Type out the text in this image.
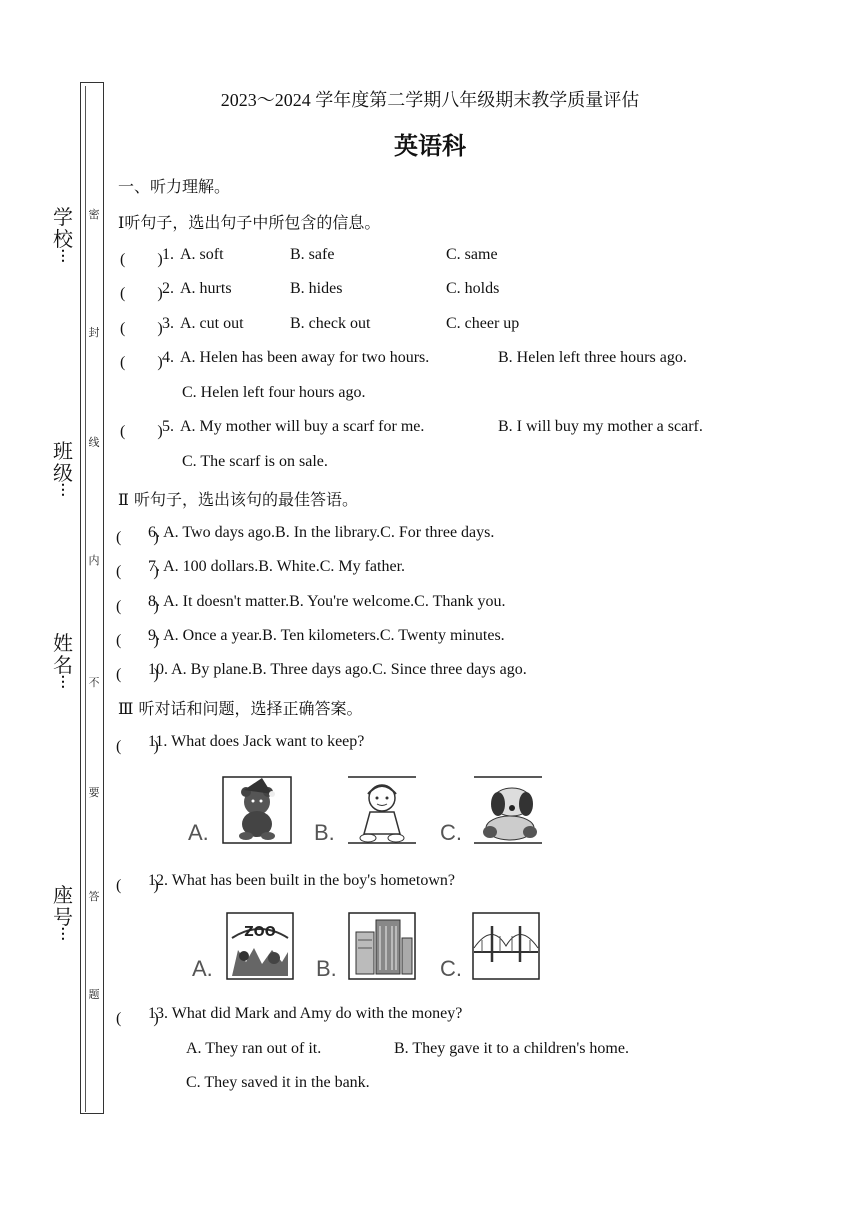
学校
⋮
班级
⋮
姓名
⋮
座号
⋮
密
封
线
内
不
要
答
题
2023～2024 学年度第二学期八年级期末教学质量评估
英语科
一、听力理解。
Ⅰ听句子，选出句子中所包含的信息。
(　　) 1. A. soft	B. safe	C. same
(　　) 2. A. hurts	B. hides	C. holds
(　　) 3. A. cut out	B. check out	C. cheer up
(　　) 4. A. Helen has been away for two hours.	B. Helen left three hours ago.
C. Helen left four hours ago.
(　　) 5. A. My mother will buy a scarf for me.	B. I will buy my mother a scarf.
C. The scarf is on sale.
Ⅱ 听句子，选出该句的最佳答语。
(　　)
6. A. Two days ago.B. In the library.C. For three days.
(　　)
7. A. 100 dollars.B. White.C. My father.
(　　)
8. A. It doesn't matter.B. You're welcome.C. Thank you.
(　　)
9. A. Once a year.B. Ten kilometers.C. Twenty minutes.
(　　)
10. A. By plane.B. Three days ago.C. Since three days ago.
Ⅲ 听对话和问题，选择正确答案。
(　　)
11. What does Jack want to keep?
A.	B.	C.
(　　)
12. What has been built in the boy's hometown?
A.
ZOO
B.	C.
(　　)
13. What did Mark and Amy do with the money?
A. They ran out of it.	B. They gave it to a children's home.
C. They saved it in the bank.
